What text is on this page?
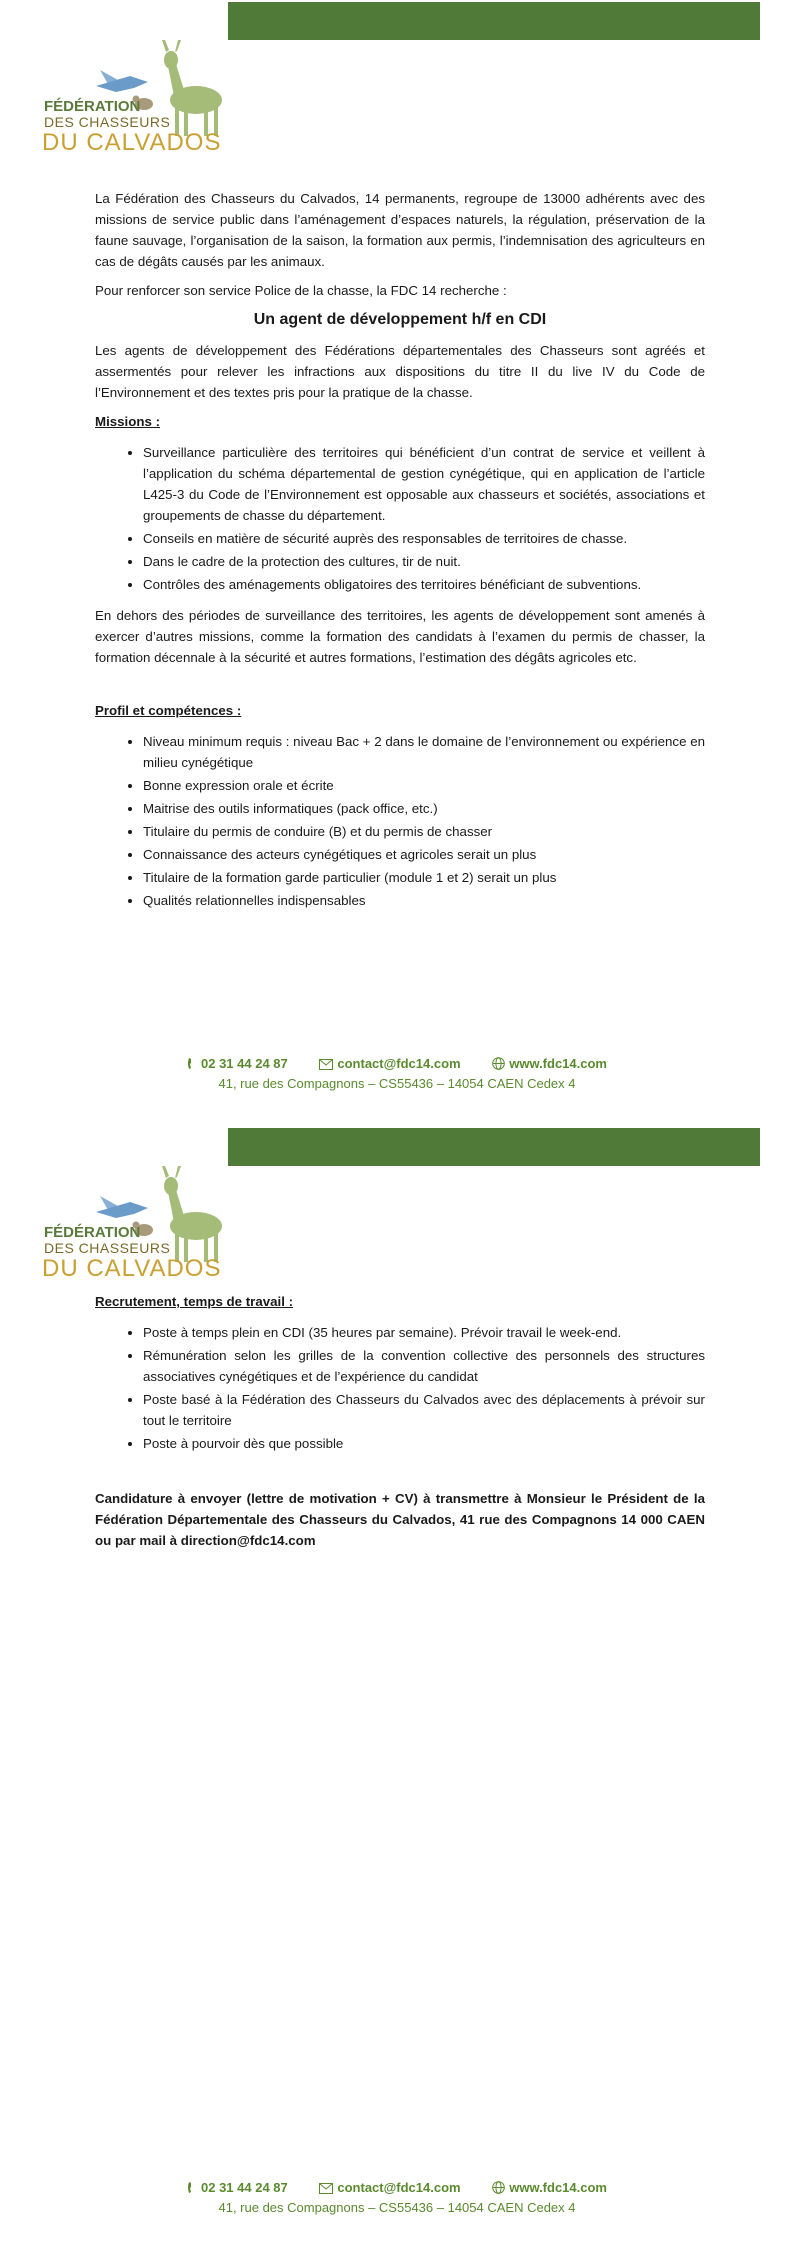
FÉDÉRATION
DES CHASSEURS
DU CALVADOS

La Fédération des Chasseurs du Calvados, 14 permanents, regroupe de 13000 adhérents avec des missions de service public dans l’aménagement d’espaces naturels, la régulation, préservation de la faune sauvage, l’organisation de la saison, la formation aux permis, l’indemnisation des agriculteurs en cas de dégâts causés par les animaux.

Pour renforcer son service Police de la chasse, la FDC 14 recherche :

Un agent de développement h/f en CDI

Les agents de développement des Fédérations départementales des Chasseurs sont agréés et assermentés pour relever les infractions aux dispositions du titre II du live IV du Code de l’Environnement et des textes pris pour la pratique de la chasse.

Missions :
• Surveillance particulière des territoires qui bénéficient d’un contrat de service et veillent à l’application du schéma départemental de gestion cynégétique, qui en application de l’article L425-3 du Code de l’Environnement est opposable aux chasseurs et sociétés, associations et groupements de chasse du département.
• Conseils en matière de sécurité auprès des responsables de territoires de chasse.
• Dans le cadre de la protection des cultures, tir de nuit.
• Contrôles des aménagements obligatoires des territoires bénéficiant de subventions.

En dehors des périodes de surveillance des territoires, les agents de développement sont amenés à exercer d’autres missions, comme la formation des candidats à l’examen du permis de chasser, la formation décennale à la sécurité et autres formations, l’estimation des dégâts agricoles etc.

Profil et compétences :
• Niveau minimum requis : niveau Bac + 2 dans le domaine de l’environnement ou expérience en milieu cynégétique
• Bonne expression orale et écrite
• Maitrise des outils informatiques (pack office, etc.)
• Titulaire du permis de conduire (B) et du permis de chasser
• Connaissance des acteurs cynégétiques et agricoles serait un plus
• Titulaire de la formation garde particulier (module 1 et 2) serait un plus
• Qualités relationnelles indispensables
02 31 44 24 87	contact@fdc14.com	www.fdc14.com
41, rue des Compagnons – CS55436 – 14054 CAEN Cedex 4
FÉDÉRATION
DES CHASSEURS
DU CALVADOS
Recrutement, temps de travail :
• Poste à temps plein en CDI (35 heures par semaine). Prévoir travail le week-end.
• Rémunération selon les grilles de la convention collective des personnels des structures associatives cynégétiques et de l’expérience du candidat
• Poste basé à la Fédération des Chasseurs du Calvados avec des déplacements à prévoir sur tout le territoire
• Poste à pourvoir dès que possible

Candidature à envoyer (lettre de motivation + CV) à transmettre à Monsieur le Président de la Fédération Départementale des Chasseurs du Calvados, 41 rue des Compagnons 14 000 CAEN ou par mail à direction@fdc14.com

02 31 44 24 87	contact@fdc14.com	www.fdc14.com
41, rue des Compagnons – CS55436 – 14054 CAEN Cedex 4
